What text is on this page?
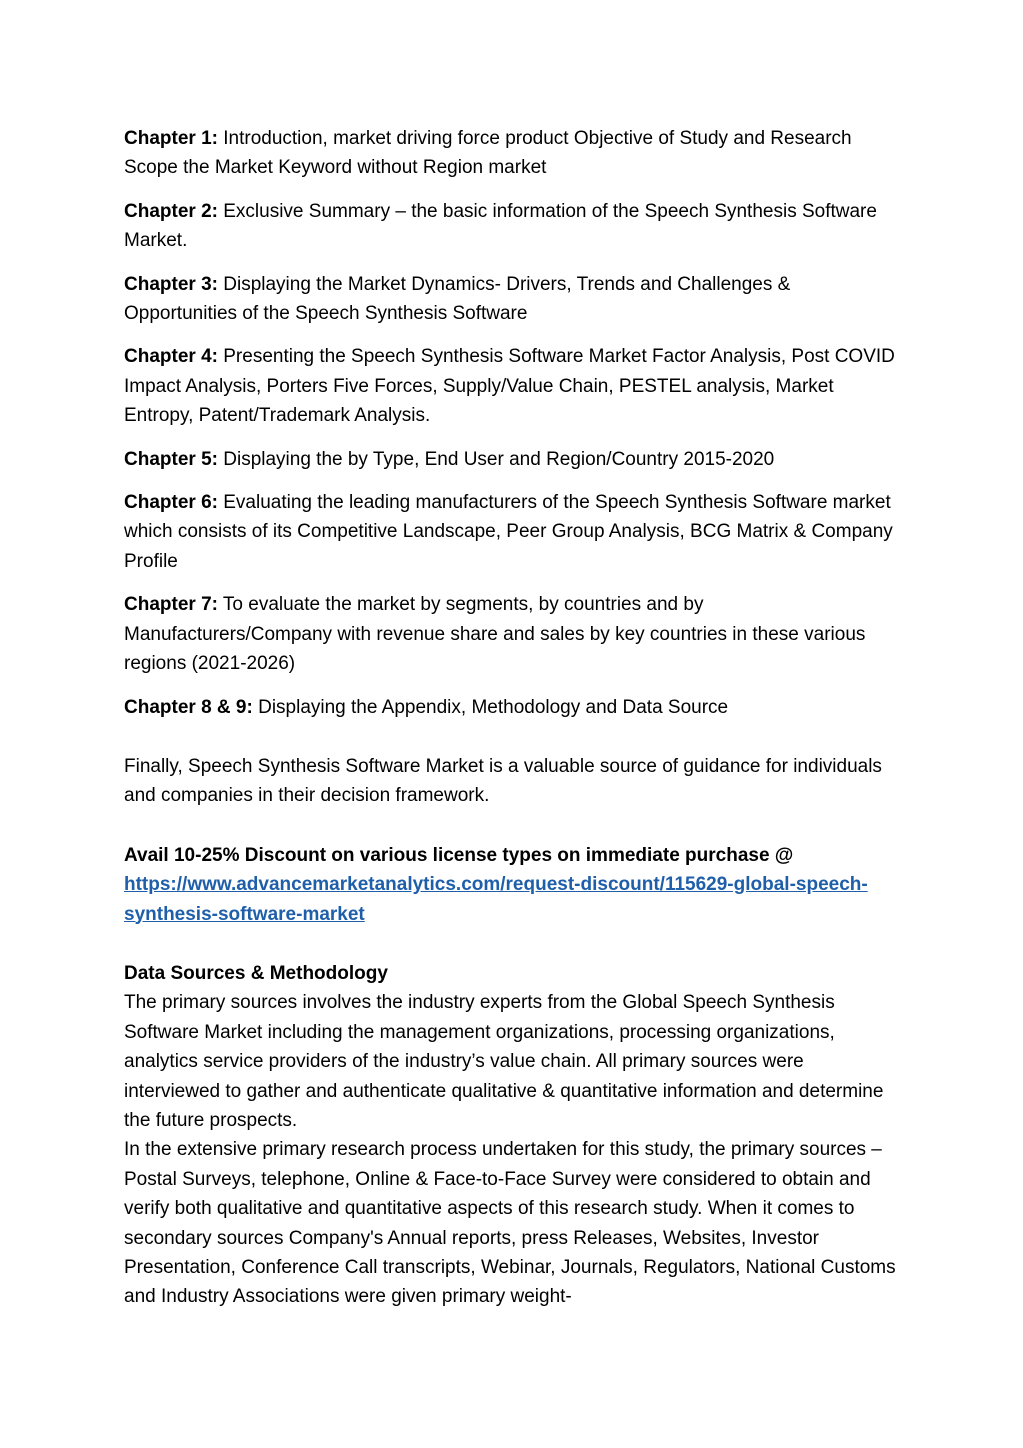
Chapter 1: Introduction, market driving force product Objective of Study and Research Scope the Market Keyword without Region market

Chapter 2: Exclusive Summary – the basic information of the Speech Synthesis Software Market.

Chapter 3: Displaying the Market Dynamics- Drivers, Trends and Challenges & Opportunities of the Speech Synthesis Software

Chapter 4: Presenting the Speech Synthesis Software Market Factor Analysis, Post COVID Impact Analysis, Porters Five Forces, Supply/Value Chain, PESTEL analysis, Market Entropy, Patent/Trademark Analysis.

Chapter 5: Displaying the by Type, End User and Region/Country 2015-2020

Chapter 6: Evaluating the leading manufacturers of the Speech Synthesis Software market which consists of its Competitive Landscape, Peer Group Analysis, BCG Matrix & Company Profile

Chapter 7: To evaluate the market by segments, by countries and by Manufacturers/Company with revenue share and sales by key countries in these various regions (2021-2026)

Chapter 8 & 9: Displaying the Appendix, Methodology and Data Source

Finally, Speech Synthesis Software Market is a valuable source of guidance for individuals and companies in their decision framework.

Avail 10-25% Discount on various license types on immediate purchase @

https://www.advancemarketanalytics.com/request-discount/115629-global-speech-synthesis-software-market

Data Sources & Methodology

The primary sources involves the industry experts from the Global Speech Synthesis Software Market including the management organizations, processing organizations, analytics service providers of the industry’s value chain. All primary sources were interviewed to gather and authenticate qualitative & quantitative information and determine the future prospects.

In the extensive primary research process undertaken for this study, the primary sources – Postal Surveys, telephone, Online & Face-to-Face Survey were considered to obtain and verify both qualitative and quantitative aspects of this research study. When it comes to secondary sources Company's Annual reports, press Releases, Websites, Investor Presentation, Conference Call transcripts, Webinar, Journals, Regulators, National Customs and Industry Associations were given primary weight-
